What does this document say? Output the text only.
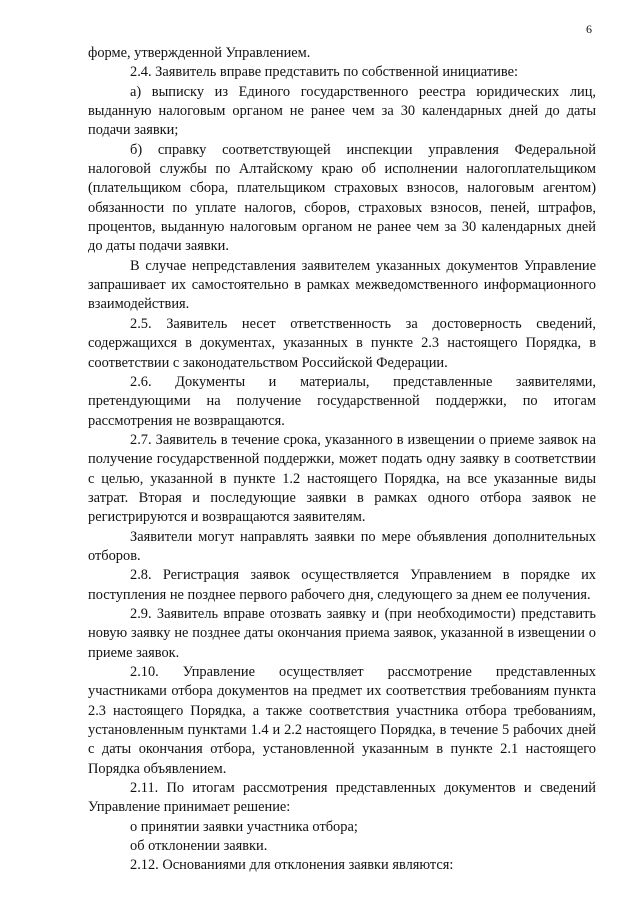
6

форме, утвержденной Управлением.

2.4. Заявитель вправе представить по собственной инициативе:

а) выписку из Единого государственного реестра юридических лиц, выданную налоговым органом не ранее чем за 30 календарных дней до даты подачи заявки;

б) справку соответствующей инспекции управления Федеральной налоговой службы по Алтайскому краю об исполнении налогоплательщиком (плательщиком сбора, плательщиком страховых взносов, налоговым агентом) обязанности по уплате налогов, сборов, страховых взносов, пеней, штрафов, процентов, выданную налоговым органом не ранее чем за 30 календарных дней до даты подачи заявки.

В случае непредставления заявителем указанных документов Управление запрашивает их самостоятельно в рамках межведомственного информационного взаимодействия.

2.5. Заявитель несет ответственность за достоверность сведений, содержащихся в документах, указанных в пункте 2.3 настоящего Порядка, в соответствии с законодательством Российской Федерации.

2.6. Документы и материалы, представленные заявителями, претендующими на получение государственной поддержки, по итогам рассмотрения не возвращаются.

2.7. Заявитель в течение срока, указанного в извещении о приеме заявок на получение государственной поддержки, может подать одну заявку в соответствии с целью, указанной в пункте 1.2 настоящего Порядка, на все указанные виды затрат. Вторая и последующие заявки в рамках одного отбора заявок не регистрируются и возвращаются заявителям.

Заявители могут направлять заявки по мере объявления дополнительных отборов.

2.8. Регистрация заявок осуществляется Управлением в порядке их поступления не позднее первого рабочего дня, следующего за днем ее получения.

2.9. Заявитель вправе отозвать заявку и (при необходимости) представить новую заявку не позднее даты окончания приема заявок, указанной в извещении о приеме заявок.

2.10. Управление осуществляет рассмотрение представленных участниками отбора документов на предмет их соответствия требованиям пункта 2.3 настоящего Порядка, а также соответствия участника отбора требованиям, установленным пунктами 1.4 и 2.2 настоящего Порядка, в течение 5 рабочих дней с даты окончания отбора, установленной указанным в пункте 2.1 настоящего Порядка объявлением.

2.11. По итогам рассмотрения представленных документов и сведений Управление принимает решение:

о принятии заявки участника отбора;

об отклонении заявки.

2.12. Основаниями для отклонения заявки являются:
